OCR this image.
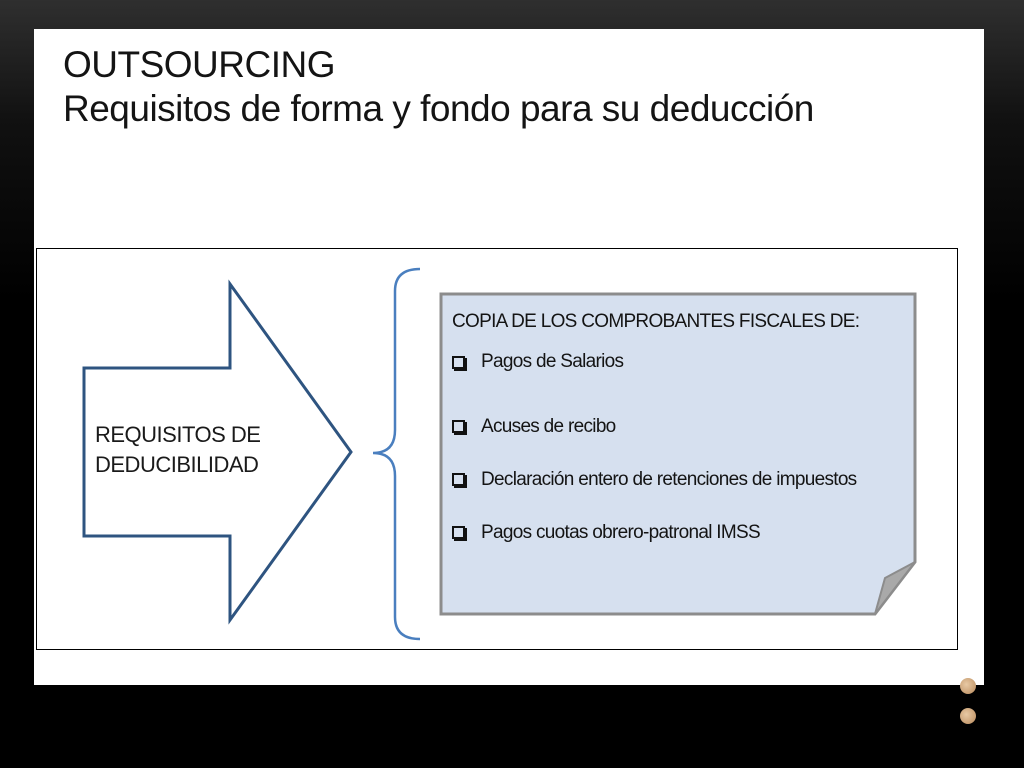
OUTSOURCING
Requisitos de forma y fondo para su deducción

REQUISITOS DE
DEDUCIBILIDAD

COPIA DE LOS COMPROBANTES FISCALES DE:

Pagos de Salarios
Acuses de recibo
Declaración entero de retenciones de impuestos
Pagos cuotas obrero-patronal IMSS
